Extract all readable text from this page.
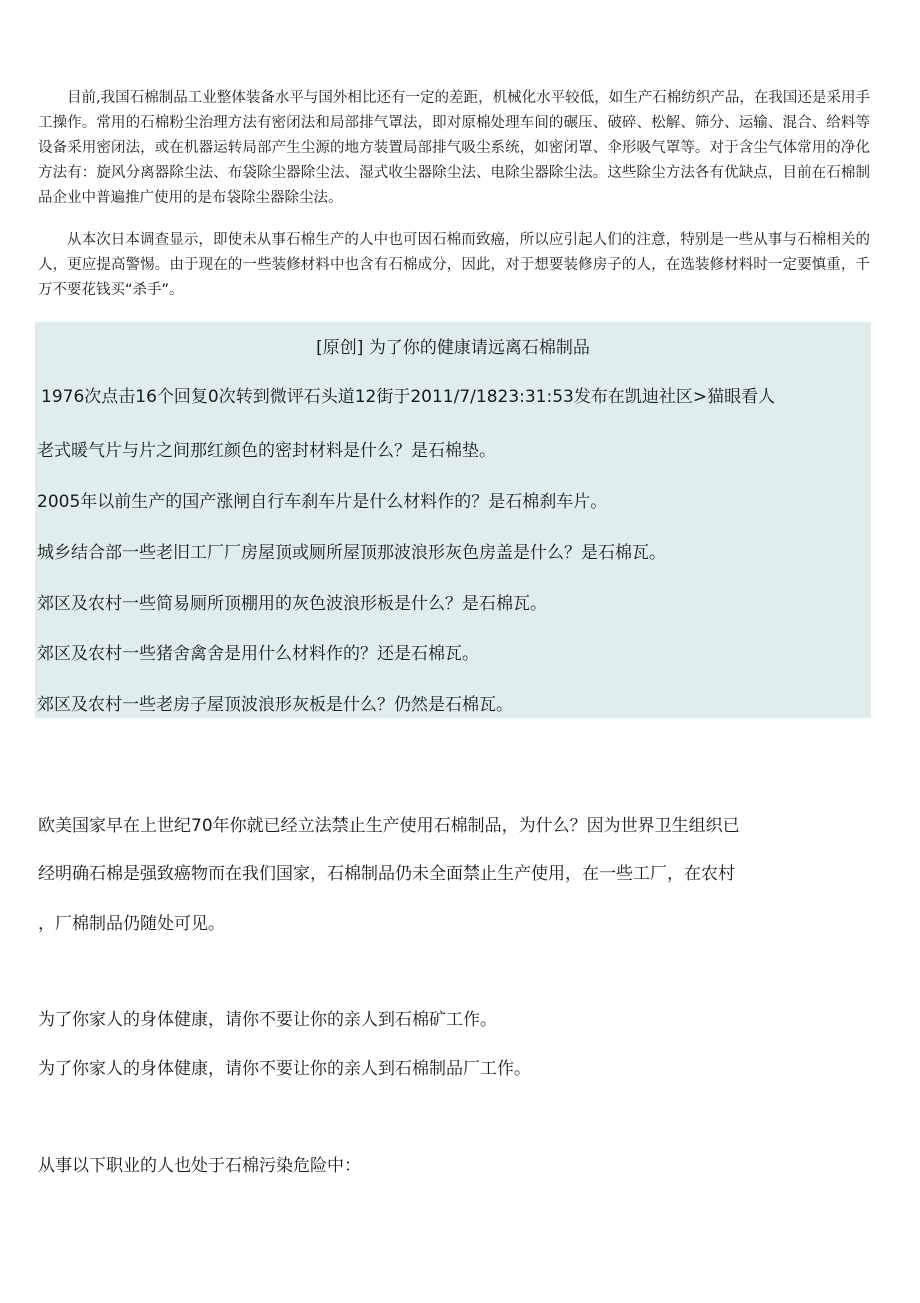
目前,我国石棉制品工业整体装备水平与国外相比还有一定的差距，机械化水平较低，如生产石棉纺织产品，在我国还是采用手工操作。常用的石棉粉尘治理方法有密闭法和局部排气罩法，即对原棉处理车间的碾压、破碎、松解、筛分、运输、混合、给料等设备采用密闭法，或在机器运转局部产生尘源的地方装置局部排气吸尘系统，如密闭罩、伞形吸气罩等。对于含尘气体常用的净化方法有：旋风分离器除尘法、布袋除尘器除尘法、湿式收尘器除尘法、电除尘器除尘法。这些除尘方法各有优缺点，目前在石棉制品企业中普遍推广使用的是布袋除尘器除尘法。

从本次日本调查显示，即使未从事石棉生产的人中也可因石棉而致癌，所以应引起人们的注意，特别是一些从事与石棉相关的人，更应提高警惕。由于现在的一些装修材料中也含有石棉成分，因此，对于想要装修房子的人，在选装修材料时一定要慎重，千万不要花钱买“杀手”。

[原创] 为了你的健康请远离石棉制品

1976次点击16个回复0次转到微评石头道12街于2011/7/1823:31:53发布在凯迪社区>猫眼看人

老式暖气片与片之间那红颜色的密封材料是什么？是石棉垫。

2005年以前生产的国产涨闸自行车刹车片是什么材料作的？是石棉刹车片。

城乡结合部一些老旧工厂厂房屋顶或厕所屋顶那波浪形灰色房盖是什么？是石棉瓦。

郊区及农村一些简易厕所顶棚用的灰色波浪形板是什么？是石棉瓦。

郊区及农村一些猪舍禽舍是用什么材料作的？还是石棉瓦。

郊区及农村一些老房子屋顶波浪形灰板是什么？仍然是石棉瓦。

欧美国家早在上世纪70年你就已经立法禁止生产使用石棉制品，为什么？因为世界卫生组织已

经明确石棉是强致癌物而在我们国家，石棉制品仍未全面禁止生产使用，在一些工厂，在农村

，厂棉制品仍随处可见。

为了你家人的身体健康，请你不要让你的亲人到石棉矿工作。

为了你家人的身体健康，请你不要让你的亲人到石棉制品厂工作。

从事以下职业的人也处于石棉污染危险中：
